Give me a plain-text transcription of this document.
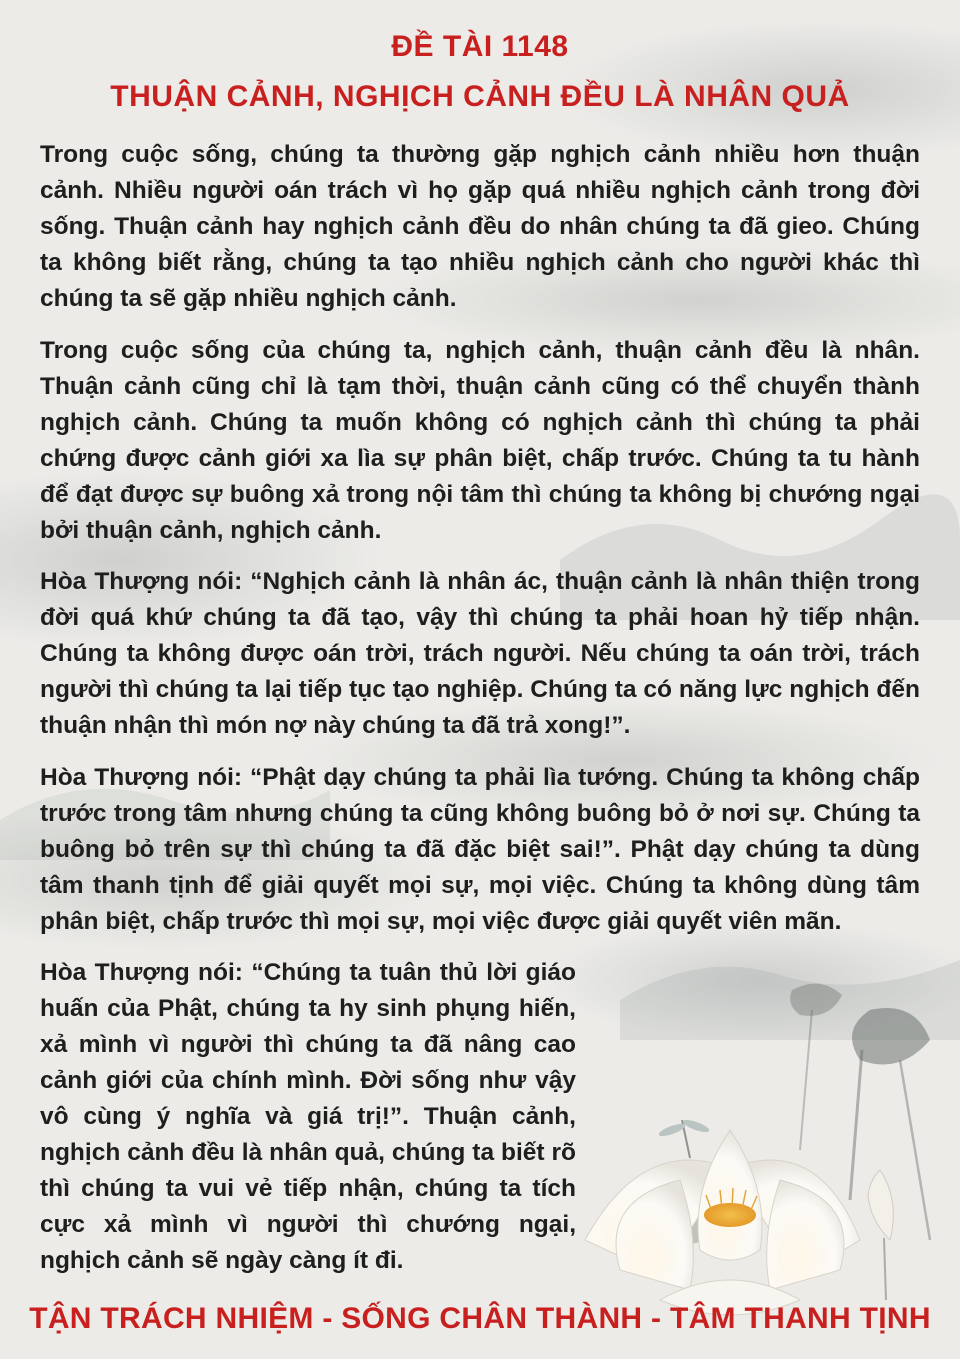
ĐỀ TÀI 1148
THUẬN CẢNH, NGHỊCH CẢNH ĐỀU LÀ NHÂN QUẢ

Trong cuộc sống, chúng ta thường gặp nghịch cảnh nhiều hơn thuận cảnh. Nhiều người oán trách vì họ gặp quá nhiều nghịch cảnh trong đời sống. Thuận cảnh hay nghịch cảnh đều do nhân chúng ta đã gieo. Chúng ta không biết rằng, chúng ta tạo nhiều nghịch cảnh cho người khác thì chúng ta sẽ gặp nhiều nghịch cảnh.

Trong cuộc sống của chúng ta, nghịch cảnh, thuận cảnh đều là nhân. Thuận cảnh cũng chỉ là tạm thời, thuận cảnh cũng có thể chuyển thành nghịch cảnh. Chúng ta muốn không có nghịch cảnh thì chúng ta phải chứng được cảnh giới xa lìa sự phân biệt, chấp trước. Chúng ta tu hành để đạt được sự buông xả trong nội tâm thì chúng ta không bị chướng ngại bởi thuận cảnh, nghịch cảnh.

Hòa Thượng nói: “Nghịch cảnh là nhân ác, thuận cảnh là nhân thiện trong đời quá khứ chúng ta đã tạo, vậy thì chúng ta phải hoan hỷ tiếp nhận. Chúng ta không được oán trời, trách người. Nếu chúng ta oán trời, trách người thì chúng ta lại tiếp tục tạo nghiệp. Chúng ta có năng lực nghịch đến thuận nhận thì món nợ này chúng ta đã trả xong!”.

Hòa Thượng nói: “Phật dạy chúng ta phải lìa tướng. Chúng ta không chấp trước trong tâm nhưng chúng ta cũng không buông bỏ ở nơi sự. Chúng ta buông bỏ trên sự thì chúng ta đã đặc biệt sai!”. Phật dạy chúng ta dùng tâm thanh tịnh để giải quyết mọi sự, mọi việc. Chúng ta không dùng tâm phân biệt, chấp trước thì mọi sự, mọi việc được giải quyết viên mãn.

Hòa Thượng nói: “Chúng ta tuân thủ lời giáo huấn của Phật, chúng ta hy sinh phụng hiến, xả mình vì người thì chúng ta đã nâng cao cảnh giới của chính mình. Đời sống như vậy vô cùng ý nghĩa và giá trị!”. Thuận cảnh, nghịch cảnh đều là nhân quả, chúng ta biết rõ thì chúng ta vui vẻ tiếp nhận, chúng ta tích cực xả mình vì người thì chướng ngại, nghịch cảnh sẽ ngày càng ít đi.

TẬN TRÁCH NHIỆM - SỐNG CHÂN THÀNH - TÂM THANH TỊNH
